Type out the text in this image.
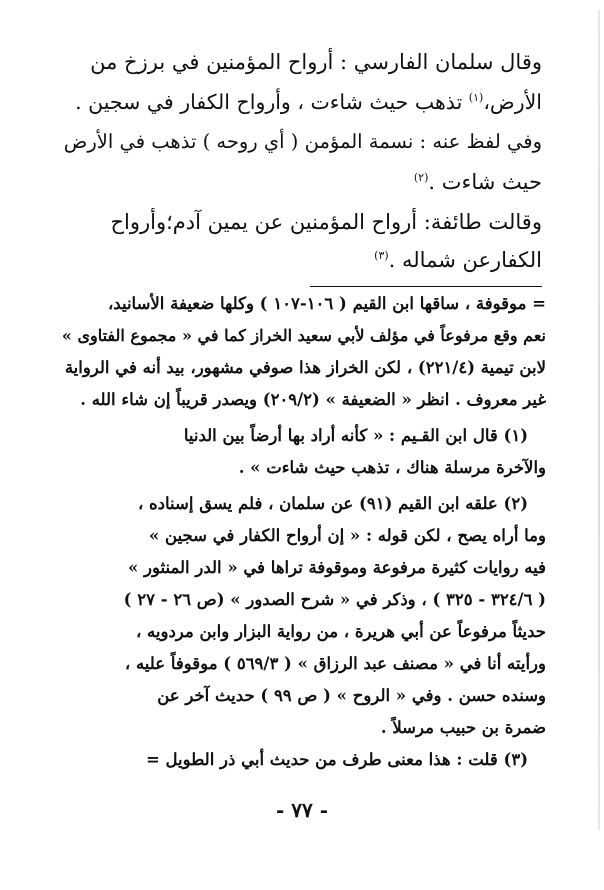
وقال سلمان الفارسي : أرواح المؤمنين في برزخ من

الأرض،$^{(١)}$ تذهب حيث شاءت ، وأرواح الكفار في سجين .

وفي لفظ عنه : نسمة المؤمن ( أي روحه ) تذهب في الأرض

حيث شاءت .$^{(٢)}$

وقالت طائفة: أرواح المؤمنين عن يمين آدم؛وأرواح

الكفارعن شماله .$^{(٣)}$

= موقوفة ، ساقها ابن القيم ( ١٠٦-١٠٧ ) وكلها ضعيفة الأسانيد،

نعم وقع مرفوعاً في مؤلف لأبي سعيد الخراز كما في « مجموع الفتاوى »

لابن تيمية (٢٢١/٤) ، لكن الخراز هذا صوفي مشهور، بيد أنه في الرواية

غير معروف . انظر « الضعيفة » (٢٠٩/٢) ويصدر قريباً إن شاء الله .

(١) قال ابن القـيم : « كأنه أراد بها أرضاً بين الدنيا

والآخرة مرسلة هناك ، تذهب حيث شاءت » .

(٢) علقه ابن القيم (٩١) عن سلمان ، فلم يسق إسناده ،

وما أراه يصح ، لكن قوله : « إن أرواح الكفار في سجين »

فيه روايات كثيرة مرفوعة وموقوفة تراها في « الدر المنثور »

( ٣٢٤/٦ - ٣٢٥ ) ، وذكر في « شرح الصدور » (ص ٢٦ - ٢٧ )

حديثاً مرفوعاً عن أبي هريرة ، من رواية البزار وابن مردويه ،

ورأيته أنا في « مصنف عبد الرزاق » ( ٥٦٩/٣ ) موقوفاً عليه ،

وسنده حسن . وفي « الروح » ( ص ٩٩ ) حديث آخر عن

ضمرة بن حبيب مرسلاً .

(٣) قلت : هذا معنى طرف من حديث أبي ذر الطويل =

- ٧٧ -
